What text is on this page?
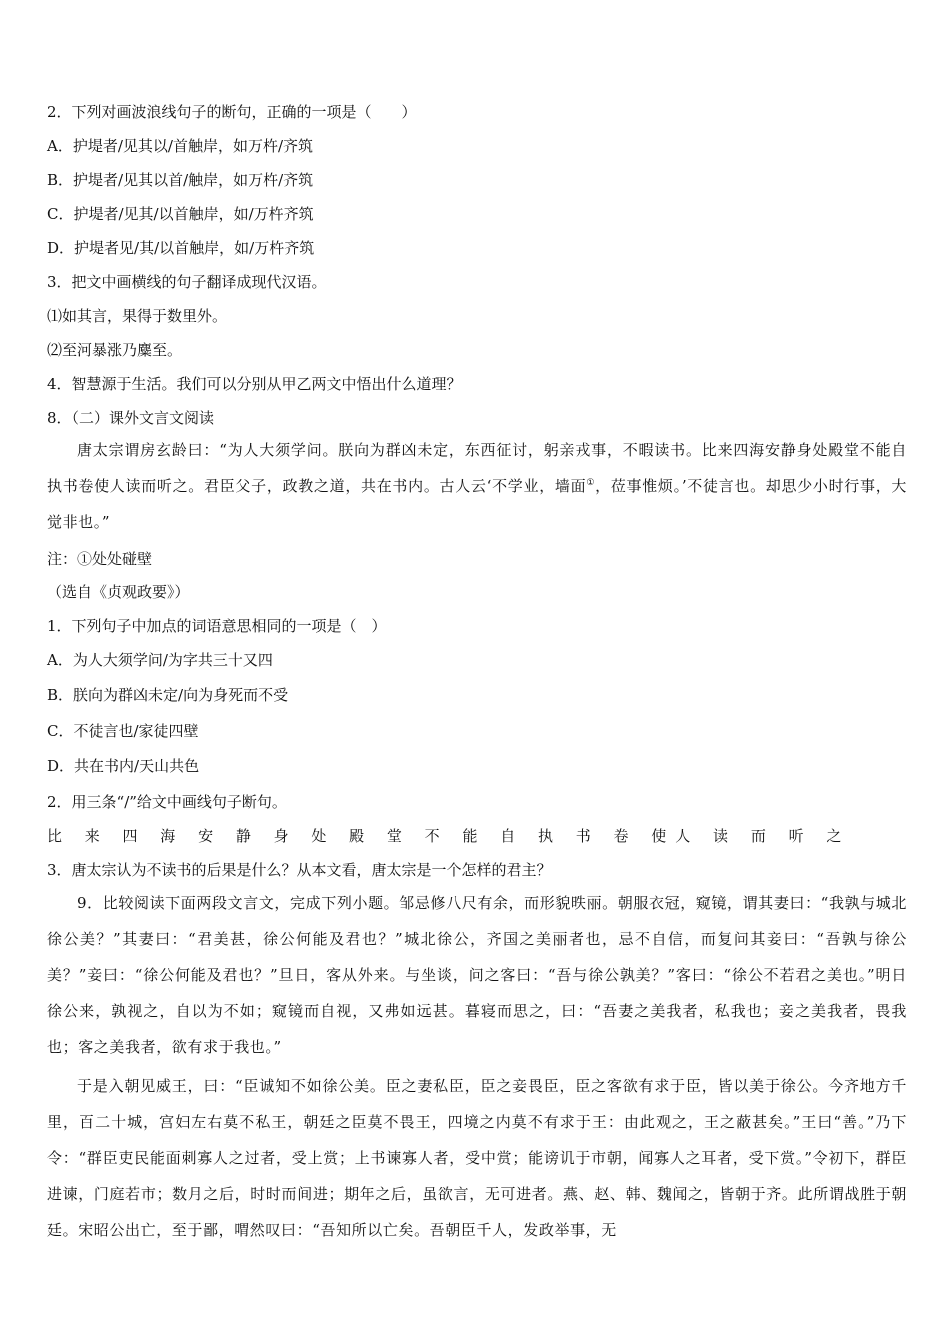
2．下列对画波浪线句子的断句，正确的一项是（　　）
A．护堤者/见其以/首触岸，如万杵/齐筑
B．护堤者/见其以首/触岸，如万杵/齐筑
C．护堤者/见其/以首触岸，如/万杵齐筑
D．护堤者见/其/以首触岸，如/万杵齐筑
3．把文中画横线的句子翻译成现代汉语。
⑴如其言，果得于数里外。
⑵至河暴涨乃麋至。
4．智慧源于生活。我们可以分别从甲乙两文中悟出什么道理？
8．（二）课外文言文阅读
唐太宗谓房玄龄曰：“为人大须学问。朕向为群凶未定，东西征讨，躬亲戎事，不暇读书。比来四海安静身处殿堂不能自执书卷使人读而听之。君臣父子，政教之道，共在书内。古人云‘不学业，墙面①，莅事惟烦。’不徒言也。却思少小时行事，大觉非也。”
注：①处处碰壁
（选自《贞观政要》）
1．下列句子中加点的词语意思相同的一项是（　）
A．为人大须学问/为字共三十又四
B．朕向为群凶未定/向为身死而不受
C．不徒言也/家徒四壁
D．共在书内/天山共色
2．用三条“/”给文中画线句子断句。
比 来 四 海 安 静 身 处 殿 堂 不 能 自 执 书 卷 使人 读 而 听 之
3．唐太宗认为不读书的后果是什么？从本文看，唐太宗是一个怎样的君主？
9．比较阅读下面两段文言文，完成下列小题。邹忌修八尺有余，而形貌昳丽。朝服衣冠，窥镜，谓其妻曰：“我孰与城北徐公美？”其妻曰：“君美甚，徐公何能及君也？”城北徐公，齐国之美丽者也，忌不自信，而复问其妾曰：“吾孰与徐公美？”妾曰：“徐公何能及君也？”旦日，客从外来。与坐谈，问之客曰：“吾与徐公孰美？”客曰：“徐公不若君之美也。”明日徐公来，孰视之，自以为不如；窥镜而自视，又弗如远甚。暮寝而思之，曰：“吾妻之美我者，私我也；妾之美我者，畏我也；客之美我者，欲有求于我也。”
于是入朝见威王，曰：“臣诚知不如徐公美。臣之妻私臣，臣之妾畏臣，臣之客欲有求于臣，皆以美于徐公。今齐地方千里，百二十城，宫妇左右莫不私王，朝廷之臣莫不畏王，四境之内莫不有求于王：由此观之，王之蔽甚矣。”王曰“善。”乃下令：“群臣吏民能面刺寡人之过者，受上赏；上书谏寡人者，受中赏；能谤讥于市朝，闻寡人之耳者，受下赏。”令初下，群臣进谏，门庭若市；数月之后，时时而间进；期年之后，虽欲言，无可进者。燕、赵、韩、魏闻之，皆朝于齐。此所谓战胜于朝廷。宋昭公出亡，至于鄙，喟然叹曰：“吾知所以亡矣。吾朝臣千人，发政举事，无
